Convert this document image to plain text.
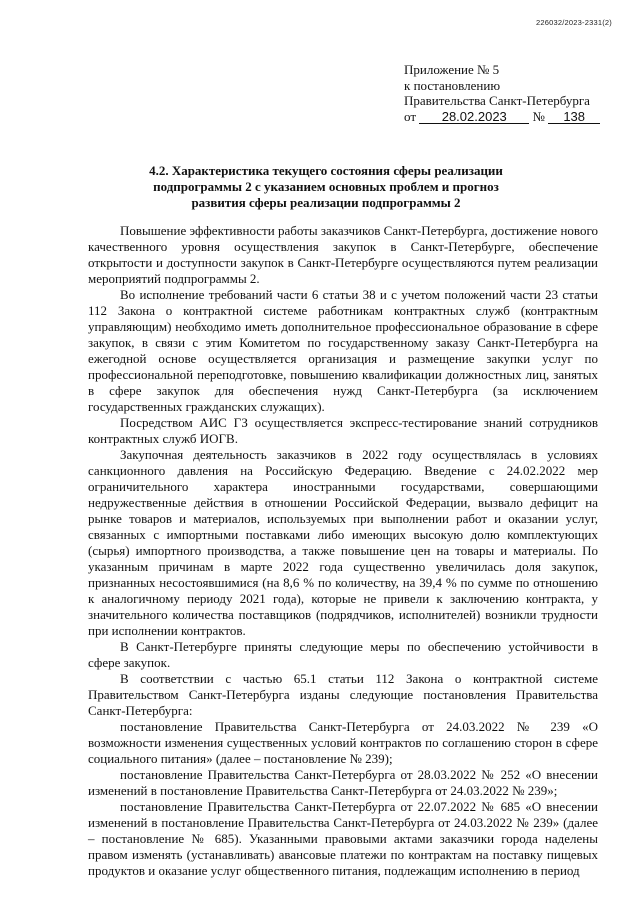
226032/2023-2331(2)
Приложение № 5
к постановлению
Правительства Санкт-Петербурга
от 28.02.2023 № 138
4.2. Характеристика текущего состояния сферы реализации
подпрограммы 2 с указанием основных проблем и прогноз
развития сферы реализации подпрограммы 2

Повышение эффективности работы заказчиков Санкт-Петербурга, достижение нового качественного уровня осуществления закупок в Санкт-Петербурге, обеспечение открытости и доступности закупок в Санкт-Петербурге осуществляются путем реализации мероприятий подпрограммы 2.

Во исполнение требований части 6 статьи 38 и с учетом положений части 23 статьи 112 Закона о контрактной системе работникам контрактных служб (контрактным управляющим) необходимо иметь дополнительное профессиональное образование в сфере закупок, в связи с этим Комитетом по государственному заказу Санкт-Петербурга на ежегодной основе осуществляется организация и размещение закупки услуг по профессиональной переподготовке, повышению квалификации должностных лиц, занятых в сфере закупок для обеспечения нужд Санкт-Петербурга (за исключением государственных гражданских служащих).

Посредством АИС ГЗ осуществляется экспресс-тестирование знаний сотрудников контрактных служб ИОГВ.

Закупочная деятельность заказчиков в 2022 году осуществлялась в условиях санкционного давления на Российскую Федерацию. Введение с 24.02.2022 мер ограничительного характера иностранными государствами, совершающими недружественные действия в отношении Российской Федерации, вызвало дефицит на рынке товаров и материалов, используемых при выполнении работ и оказании услуг, связанных с импортными поставками либо имеющих высокую долю комплектующих (сырья) импортного производства, а также повышение цен на товары и материалы. По указанным причинам в марте 2022 года существенно увеличилась доля закупок, признанных несостоявшимися (на 8,6 % по количеству, на 39,4 % по сумме по отношению к аналогичному периоду 2021 года), которые не привели к заключению контракта, у значительного количества поставщиков (подрядчиков, исполнителей) возникли трудности при исполнении контрактов.

В Санкт-Петербурге приняты следующие меры по обеспечению устойчивости в сфере закупок.

В соответствии с частью 65.1 статьи 112 Закона о контрактной системе Правительством Санкт-Петербурга изданы следующие постановления Правительства Санкт-Петербурга:

постановление Правительства Санкт-Петербурга от 24.03.2022 № 239 «О возможности изменения существенных условий контрактов по соглашению сторон в сфере социального питания» (далее – постановление № 239);

постановление Правительства Санкт-Петербурга от 28.03.2022 № 252 «О внесении изменений в постановление Правительства Санкт-Петербурга от 24.03.2022 № 239»;

постановление Правительства Санкт-Петербурга от 22.07.2022 № 685 «О внесении изменений в постановление Правительства Санкт-Петербурга от 24.03.2022 № 239» (далее – постановление № 685). Указанными правовыми актами заказчики города наделены правом изменять (устанавливать) авансовые платежи по контрактам на поставку пищевых продуктов и оказание услуг общественного питания, подлежащим исполнению в период
